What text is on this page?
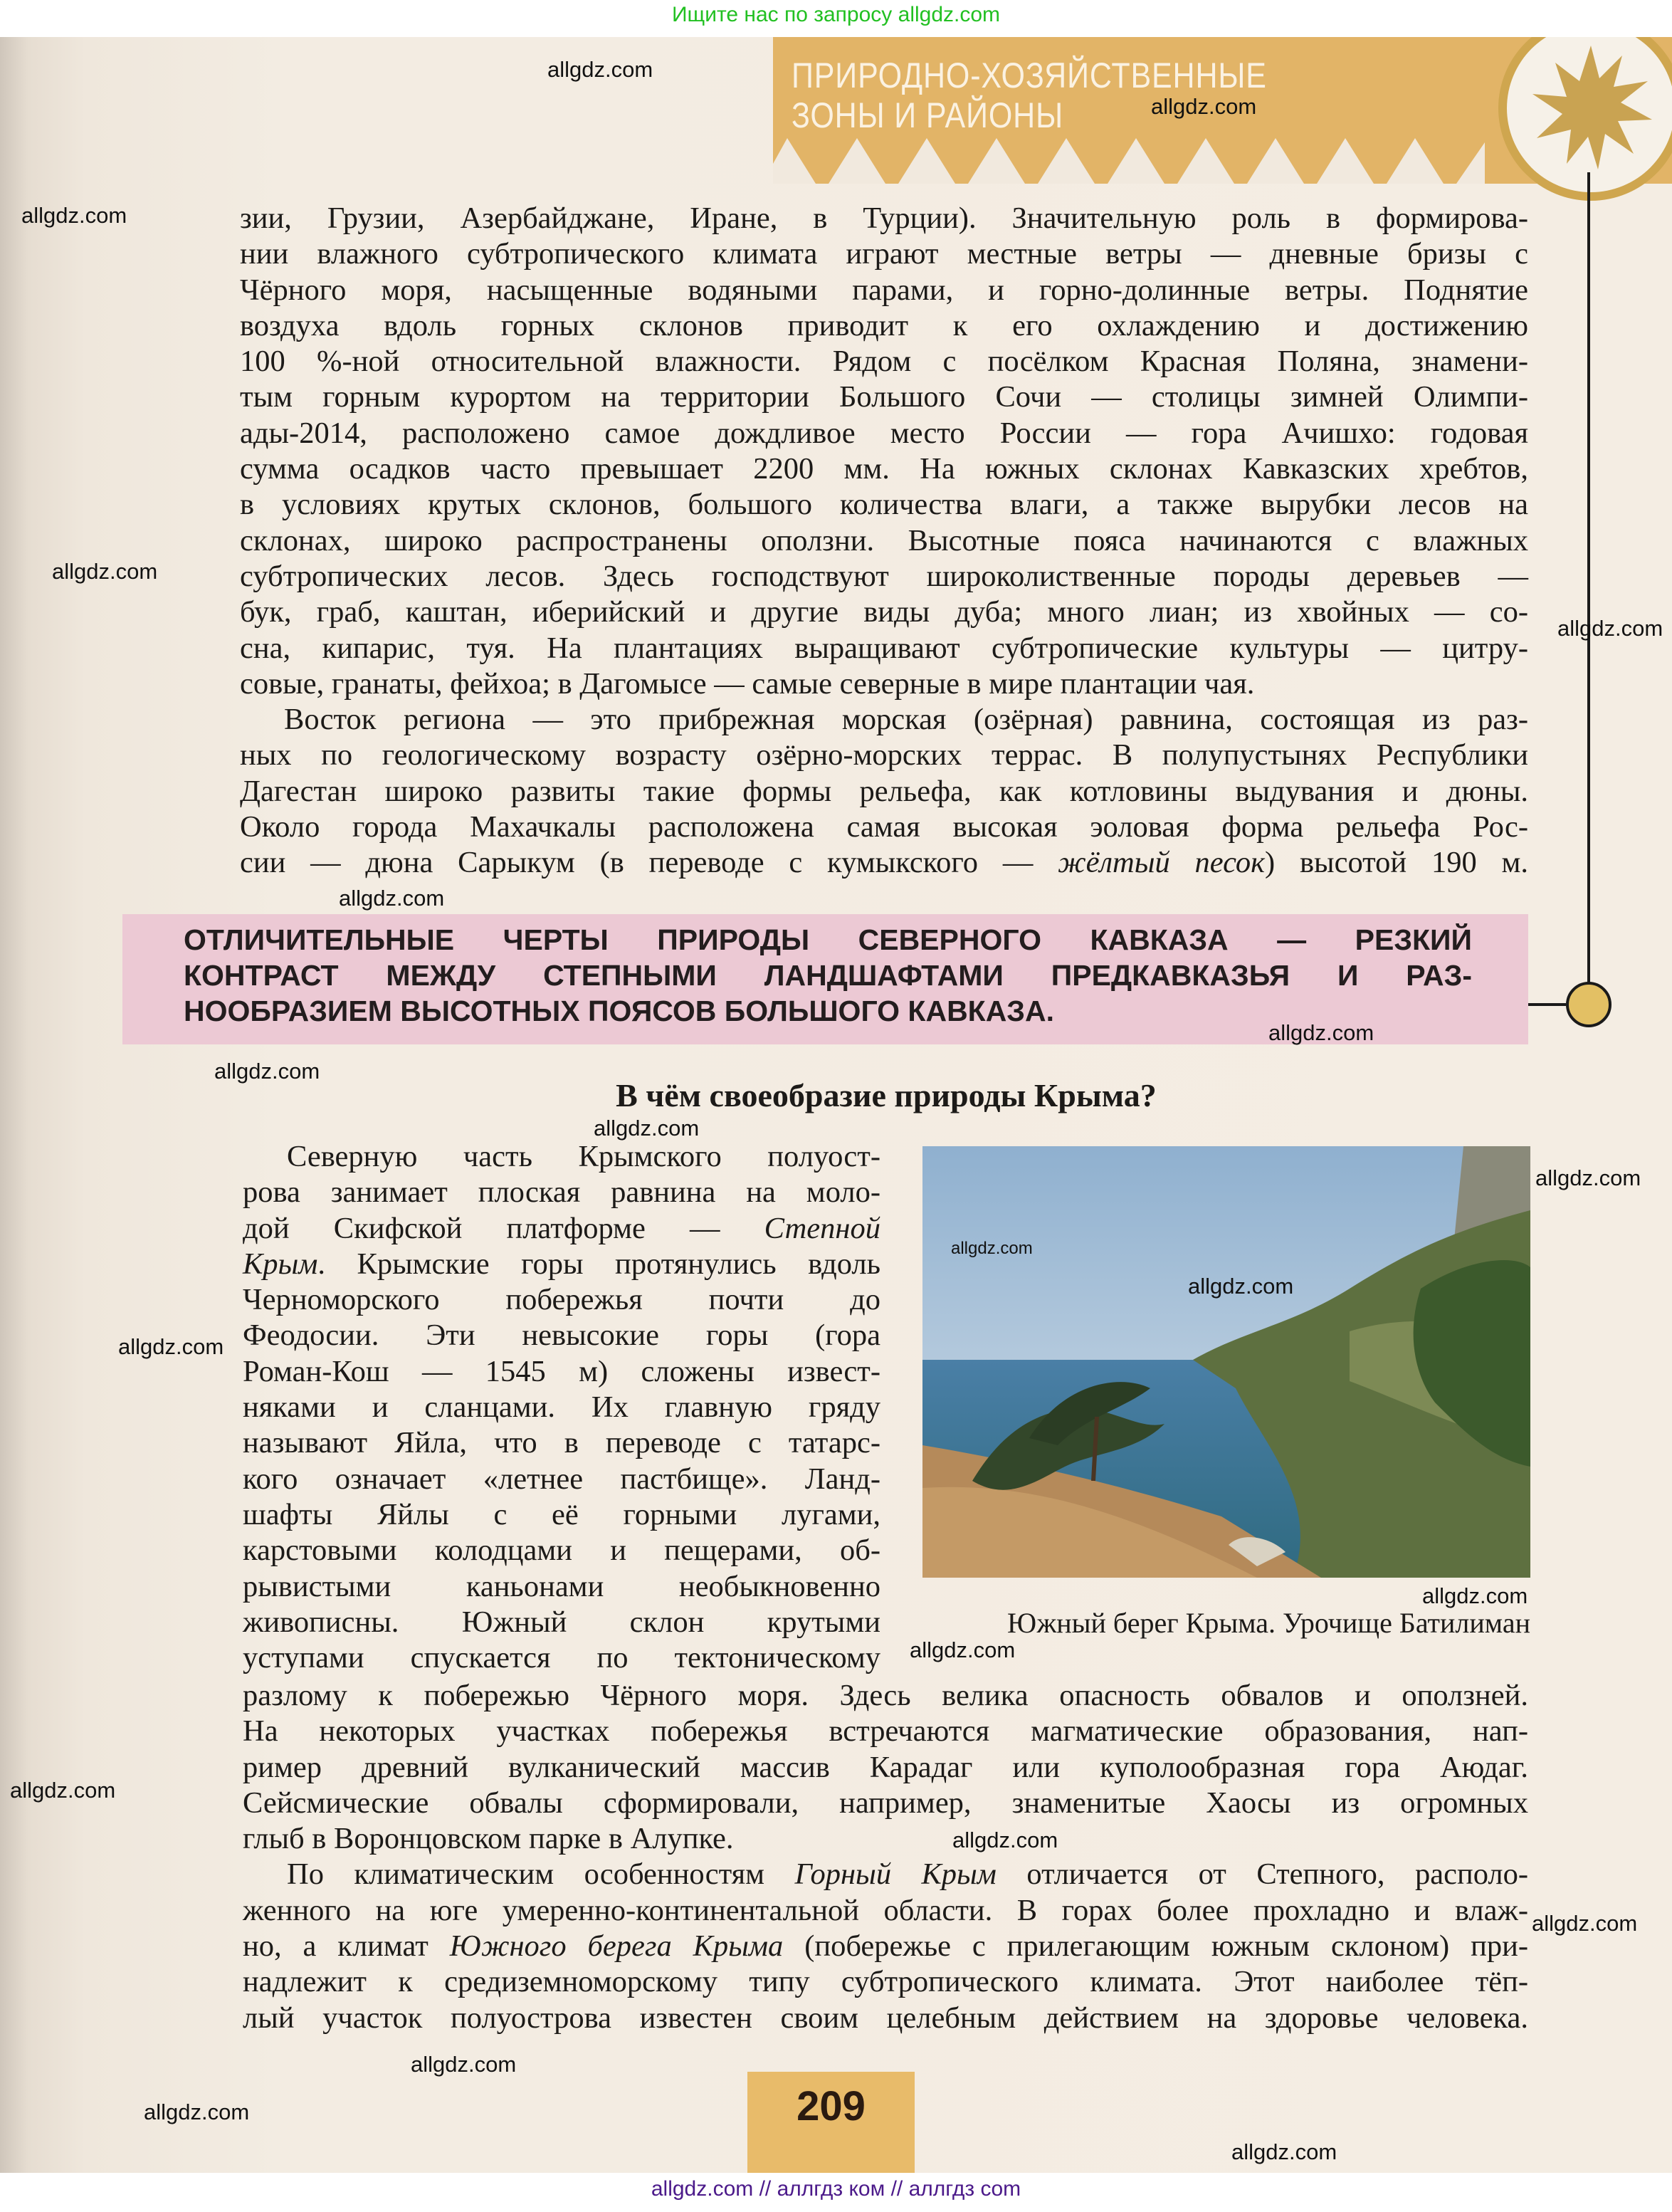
Ищите нас по запросу allgdz.com
ПРИРОДНО-ХОЗЯЙСТВЕННЫЕ
ЗОНЫ И РАЙОНЫ
зии, Грузии, Азербайджане, Иране, в Турции). Значительную роль в формирова-
нии влажного субтропического климата играют местные ветры — дневные бризы с
Чёрного моря, насыщенные водяными парами, и горно-долинные ветры. Поднятие
воздуха вдоль горных склонов приводит к его охлаждению и достижению
100 %-ной относительной влажности. Рядом с посёлком Красная Поляна, знамени-
тым горным курортом на территории Большого Сочи — столицы зимней Олимпи-
ады-2014, расположено самое дождливое место России — гора Ачишхо: годовая
сумма осадков часто превышает 2200 мм. На южных склонах Кавказских хребтов,
в условиях крутых склонов, большого количества влаги, а также вырубки лесов на
склонах, широко распространены оползни. Высотные пояса начинаются с влажных
субтропических лесов. Здесь господствуют широколиственные породы деревьев —
бук, граб, каштан, иберийский и другие виды дуба; много лиан; из хвойных — со-
сна, кипарис, туя. На плантациях выращивают субтропические культуры — цитру-
совые, гранаты, фейхоа; в Дагомысе — самые северные в мире плантации чая.
Восток региона — это прибрежная морская (озёрная) равнина, состоящая из раз-
ных по геологическому возрасту озёрно-морских террас. В полупустынях Республики
Дагестан широко развиты такие формы рельефа, как котловины выдувания и дюны.
Около города Махачкалы расположена самая высокая эоловая форма рельефа Рос-
сии — дюна Сарыкум (в переводе с кумыкского — жёлтый песок) высотой 190 м.
ОТЛИЧИТЕЛЬНЫЕ ЧЕРТЫ ПРИРОДЫ СЕВЕРНОГО КАВКАЗА — РЕЗКИЙ
КОНТРАСТ МЕЖДУ СТЕПНЫМИ ЛАНДШАФТАМИ ПРЕДКАВКАЗЬЯ И РАЗ-
НООБРАЗИЕМ ВЫСОТНЫХ ПОЯСОВ БОЛЬШОГО КАВКАЗА.
В чём своеобразие природы Крыма?
Северную часть Крымского полуост-
рова занимает плоская равнина на моло-
дой Скифской платформе — Степной
Крым. Крымские горы протянулись вдоль
Черноморского побережья почти до
Феодосии. Эти невысокие горы (гора
Роман-Кош — 1545 м) сложены извест-
няками и сланцами. Их главную гряду
называют Яйла, что в переводе с татарс-
кого означает «летнее пастбище». Ланд-
шафты Яйлы с её горными лугами,
карстовыми колодцами и пещерами, об-
рывистыми каньонами необыкновенно
живописны. Южный склон крутыми
уступами спускается по тектоническому
Южный берег Крыма. Урочище Батилиман
разлому к побережью Чёрного моря. Здесь велика опасность обвалов и оползней.
На некоторых участках побережья встречаются магматические образования, нап-
ример древний вулканический массив Карадаг или куполообразная гора Аюдаг.
Сейсмические обвалы сформировали, например, знаменитые Хаосы из огромных
глыб в Воронцовском парке в Алупке.
По климатическим особенностям Горный Крым отличается от Степного, располо-
женного на юге умеренно-континентальной области. В горах более прохладно и влаж-
но, а климат Южного берега Крыма (побережье с прилегающим южным склоном) при-
надлежит к средиземноморскому типу субтропического климата. Этот наиболее тёп-
лый участок полуострова известен своим целебным действием на здоровье человека.
209
allgdz.com
allgdz.com
allgdz.com
allgdz.com
allgdz.com
allgdz.com
allgdz.com
allgdz.com
allgdz.com
allgdz.com
allgdz.com
allgdz.com
allgdz.com
allgdz.com
allgdz.com
allgdz.com
allgdz.com
allgdz.com
allgdz.com
allgdz.com
allgdz.com
allgdz.com // аллгдз ком // аллгдз com
